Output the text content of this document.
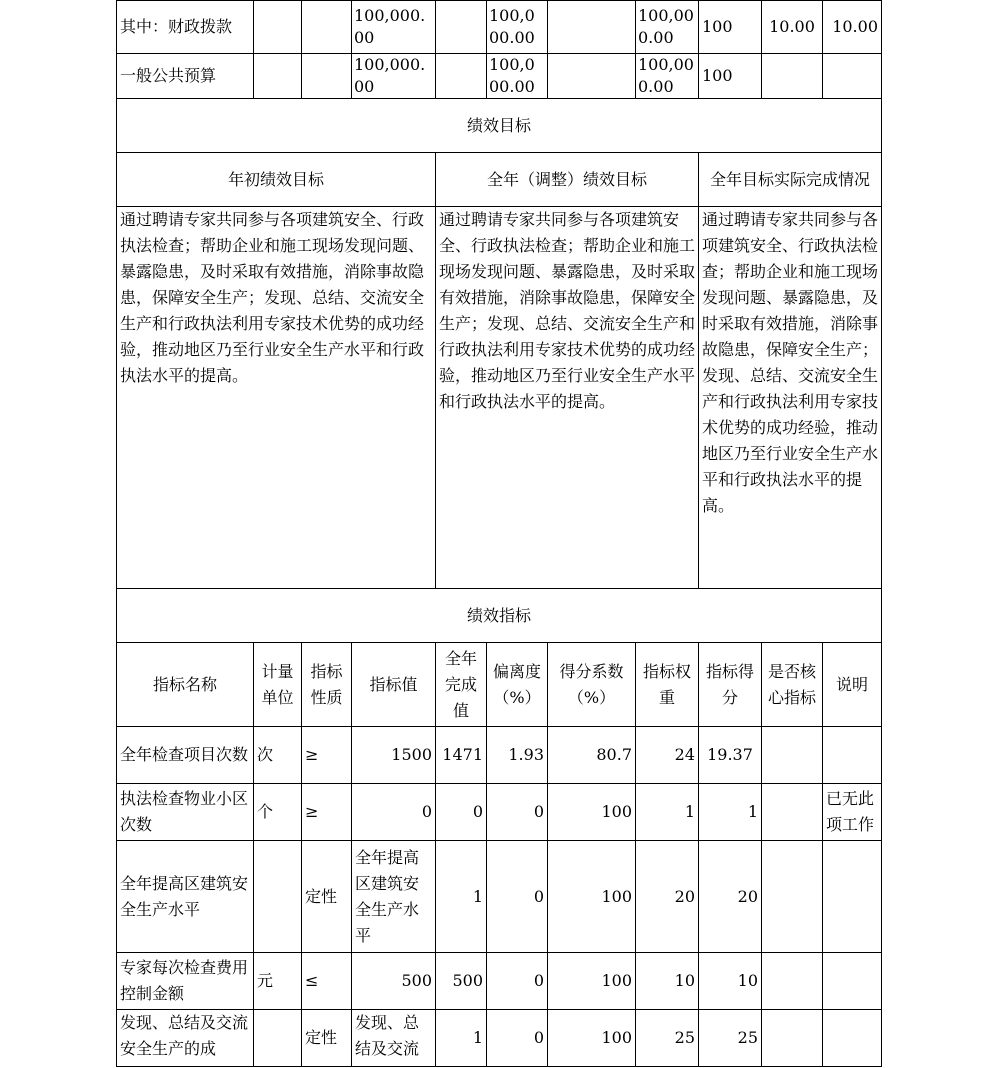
其中：财政拨款			100,000.00		100,000.00		100,000.00	100	10.00	10.00
一般公共预算			100,000.00		100,000.00		100,000.00	100		
绩效目标										
年初绩效目标				全年（调整）绩效目标				全年目标实际完成情况		
通过聘请专家共同参与各项建筑安全、行政执法检查；帮助企业和施工现场发现问题、暴露隐患，及时采取有效措施，消除事故隐患，保障安全生产；发现、总结、交流安全生产和行政执法利用专家技术优势的成功经验，推动地区乃至行业安全生产水平和行政执法水平的提高。				通过聘请专家共同参与各项建筑安全、行政执法检查；帮助企业和施工现场发现问题、暴露隐患，及时采取有效措施，消除事故隐患，保障安全生产；发现、总结、交流安全生产和行政执法利用专家技术优势的成功经验，推动地区乃至行业安全生产水平和行政执法水平的提高。				通过聘请专家共同参与各项建筑安全、行政执法检查；帮助企业和施工现场发现问题、暴露隐患，及时采取有效措施，消除事故隐患，保障安全生产；发现、总结、交流安全生产和行政执法利用专家技术优势的成功经验，推动地区乃至行业安全生产水平和行政执法水平的提高。		
绩效指标										
指标名称	计量单位	指标性质	指标值	全年完成值	偏离度（%）	得分系数（%）	指标权重	指标得分	是否核心指标	说明
全年检查项目次数	次	≥	1500	1471	1.93	80.7	24	19.37		
执法检查物业小区次数	个	≥	0	0	0	100	1	1		已无此项工作
全年提高区建筑安全生产水平		定性	全年提高区建筑安全生产水平	1	0	100	20	20		
专家每次检查费用控制金额	元	≤	500	500	0	100	10	10		
发现、总结及交流安全生产的成		定性	发现、总结及交流	1	0	100	25	25		
